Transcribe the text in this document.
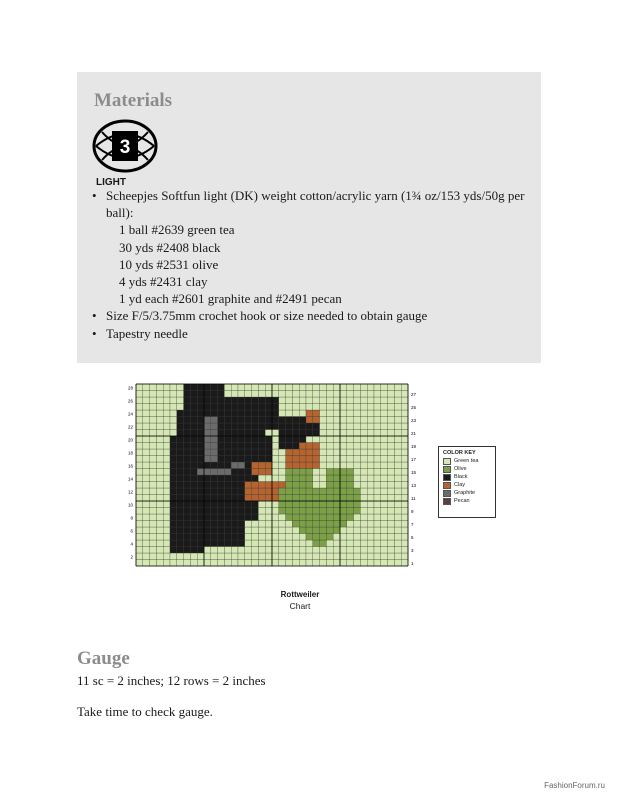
Materials
3
LIGHT
• Scheepjes Softfun light (DK) weight cotton/acrylic yarn (1¾ oz/153 yds/50g per ball):
1 ball #2639 green tea
30 yds #2408 black
10 yds #2531 olive
4 yds #2431 clay
1 yd each #2601 graphite and #2491 pecan
• Size F/5/3.75mm crochet hook or size needed to obtain gauge
• Tapestry needle
28
26
24
22
20
18
16
14
12
10
8
6
4
2
27
25
23
21
19
17
15
13
11
9
7
5
3
1
COLOR KEY
Green tea
Olive
Black
Clay
Graphite
Pecan
Rottweiler
Chart
Gauge
11 sc = 2 inches; 12 rows = 2 inches
Take time to check gauge.
FashionForum.ru
